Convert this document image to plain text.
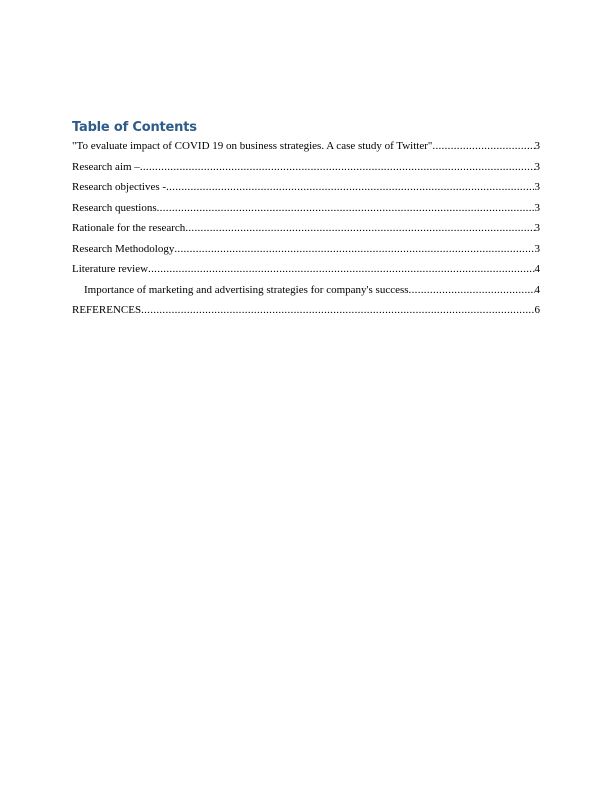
Table of Contents
"To evaluate impact of COVID 19 on business strategies. A case study of Twitter" .....	3
Research aim – .....	3
Research objectives - .....	3
Research questions .....	3
Rationale for the research .....	3
Research Methodology .....	3
Literature review .....	4
Importance of marketing and advertising strategies for company's success .....	4
REFERENCES .....	6
